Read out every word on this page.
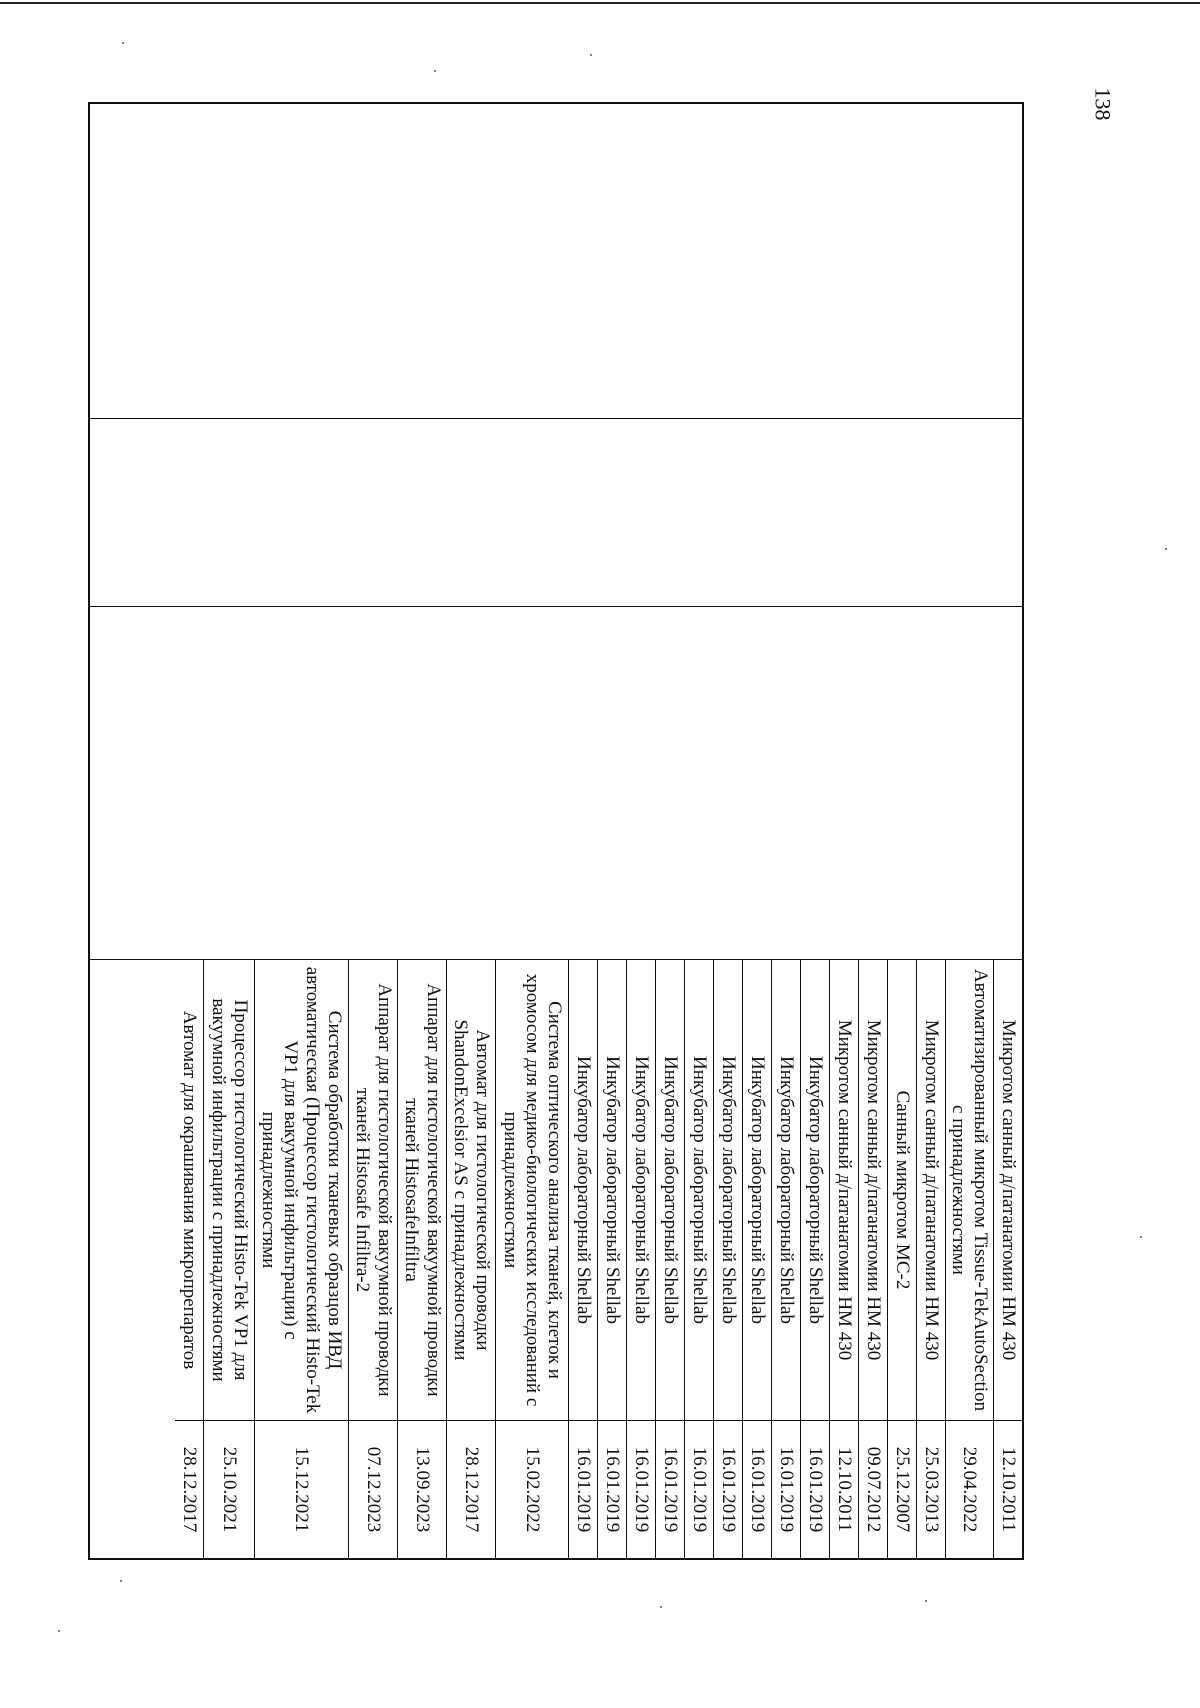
138
Микротом санный д/патанатомии НМ 430
12.10.2011
Автоматизированный микротом Tissue-TekAutoSection с принадлежностями
29.04.2022
Микротом санный д/патанатомии НМ 430
25.03.2013
Санный микротом МС-2
25.12.2007
Микротом санный д/патанатомии НМ 430
09.07.2012
Микротом санный д/патанатомии НМ 430
12.10.2011
Инкубатор лабораторный Shellab
16.01.2019
Инкубатор лабораторный Shellab
16.01.2019
Инкубатор лабораторный Shellab
16.01.2019
Инкубатор лабораторный Shellab
16.01.2019
Инкубатор лабораторный Shellab
16.01.2019
Инкубатор лабораторный Shellab
16.01.2019
Инкубатор лабораторный Shellab
16.01.2019
Инкубатор лабораторный Shellab
16.01.2019
Инкубатор лабораторный Shellab
16.01.2019
Система оптического анализа тканей, клеток и хромосом для медико-биологических исследований с принадлежностями
15.02.2022
Автомат для гистологической проводки ShandonExcelsior AS с принадлежностями
28.12.2017
Аппарат для гистологической вакуумной проводки тканей HistosafeInfiltra
13.09.2023
Аппарат для гистологической вакуумной проводки тканей Histosafe Infiltra-2
07.12.2023
Система обработки тканевых образцов ИВД автоматическая (Процессор гистологический Histo-Tek VP1 для вакуумной инфильтрации) с принадлежностями
15.12.2021
Процессор гистологический Histo-Tek VP1 для вакуумной инфильтрации с принадлежностями
25.10.2021
Автомат для окрашивания микропрепаратов
28.12.2017
